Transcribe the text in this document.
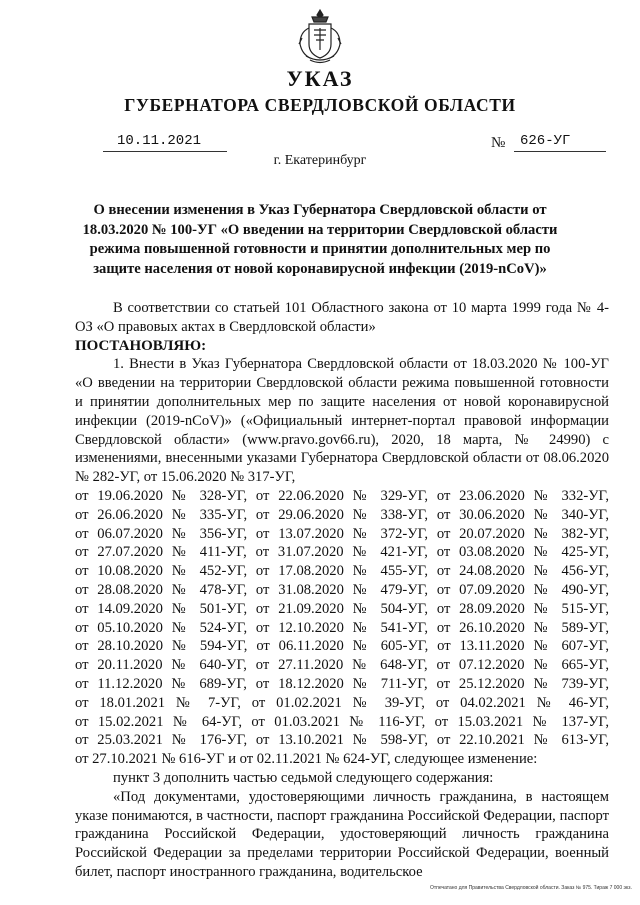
УКАЗ
ГУБЕРНАТОРА СВЕРДЛОВСКОЙ ОБЛАСТИ
10.11.2021	№ 626-УГ
г. Екатеринбург
О внесении изменения в Указ Губернатора Свердловской области от 18.03.2020 № 100-УГ «О введении на территории Свердловской области режима повышенной готовности и принятии дополнительных мер по защите населения от новой коронавирусной инфекции (2019-nCoV)»

В соответствии со статьей 101 Областного закона от 10 марта 1999 года № 4-ОЗ «О правовых актах в Свердловской области»

ПОСТАНОВЛЯЮ:

1. Внести в Указ Губернатора Свердловской области от 18.03.2020 № 100-УГ «О введении на территории Свердловской области режима повышенной готовности и принятии дополнительных мер по защите населения от новой коронавирусной инфекции (2019-nCoV)» («Официальный интернет-портал правовой информации Свердловской области» (www.pravo.gov66.ru), 2020, 18 марта, № 24990) с изменениями, внесенными указами Губернатора Свердловской области от 08.06.2020 № 282-УГ, от 15.06.2020 № 317-УГ,

от 19.06.2020 № 328-УГ, от 22.06.2020 № 329-УГ, от 23.06.2020 № 332-УГ,

от 26.06.2020 № 335-УГ, от 29.06.2020 № 338-УГ, от 30.06.2020 № 340-УГ,

от 06.07.2020 № 356-УГ, от 13.07.2020 № 372-УГ, от 20.07.2020 № 382-УГ,

от 27.07.2020 № 411-УГ, от 31.07.2020 № 421-УГ, от 03.08.2020 № 425-УГ,

от 10.08.2020 № 452-УГ, от 17.08.2020 № 455-УГ, от 24.08.2020 № 456-УГ,

от 28.08.2020 № 478-УГ, от 31.08.2020 № 479-УГ, от 07.09.2020 № 490-УГ,

от 14.09.2020 № 501-УГ, от 21.09.2020 № 504-УГ, от 28.09.2020 № 515-УГ,

от 05.10.2020 № 524-УГ, от 12.10.2020 № 541-УГ, от 26.10.2020 № 589-УГ,

от 28.10.2020 № 594-УГ, от 06.11.2020 № 605-УГ, от 13.11.2020 № 607-УГ,

от 20.11.2020 № 640-УГ, от 27.11.2020 № 648-УГ, от 07.12.2020 № 665-УГ,

от 11.12.2020 № 689-УГ, от 18.12.2020 № 711-УГ, от 25.12.2020 № 739-УГ,

от 18.01.2021 № 7-УГ, от 01.02.2021 № 39-УГ, от 04.02.2021 № 46-УГ,

от 15.02.2021 № 64-УГ, от 01.03.2021 № 116-УГ, от 15.03.2021 № 137-УГ,

от 25.03.2021 № 176-УГ, от 13.10.2021 № 598-УГ, от 22.10.2021 № 613-УГ,

от 27.10.2021 № 616-УГ и от 02.11.2021 № 624-УГ, следующее изменение:

пункт 3 дополнить частью седьмой следующего содержания:

«Под документами, удостоверяющими личность гражданина, в настоящем указе понимаются, в частности, паспорт гражданина Российской Федерации, паспорт гражданина Российской Федерации, удостоверяющий личность гражданина Российской Федерации за пределами территории Российской Федерации, военный билет, паспорт иностранного гражданина, водительское

Отпечатано для Правительства Свердловской области. Заказ № 975. Тираж 7 000 экз.
